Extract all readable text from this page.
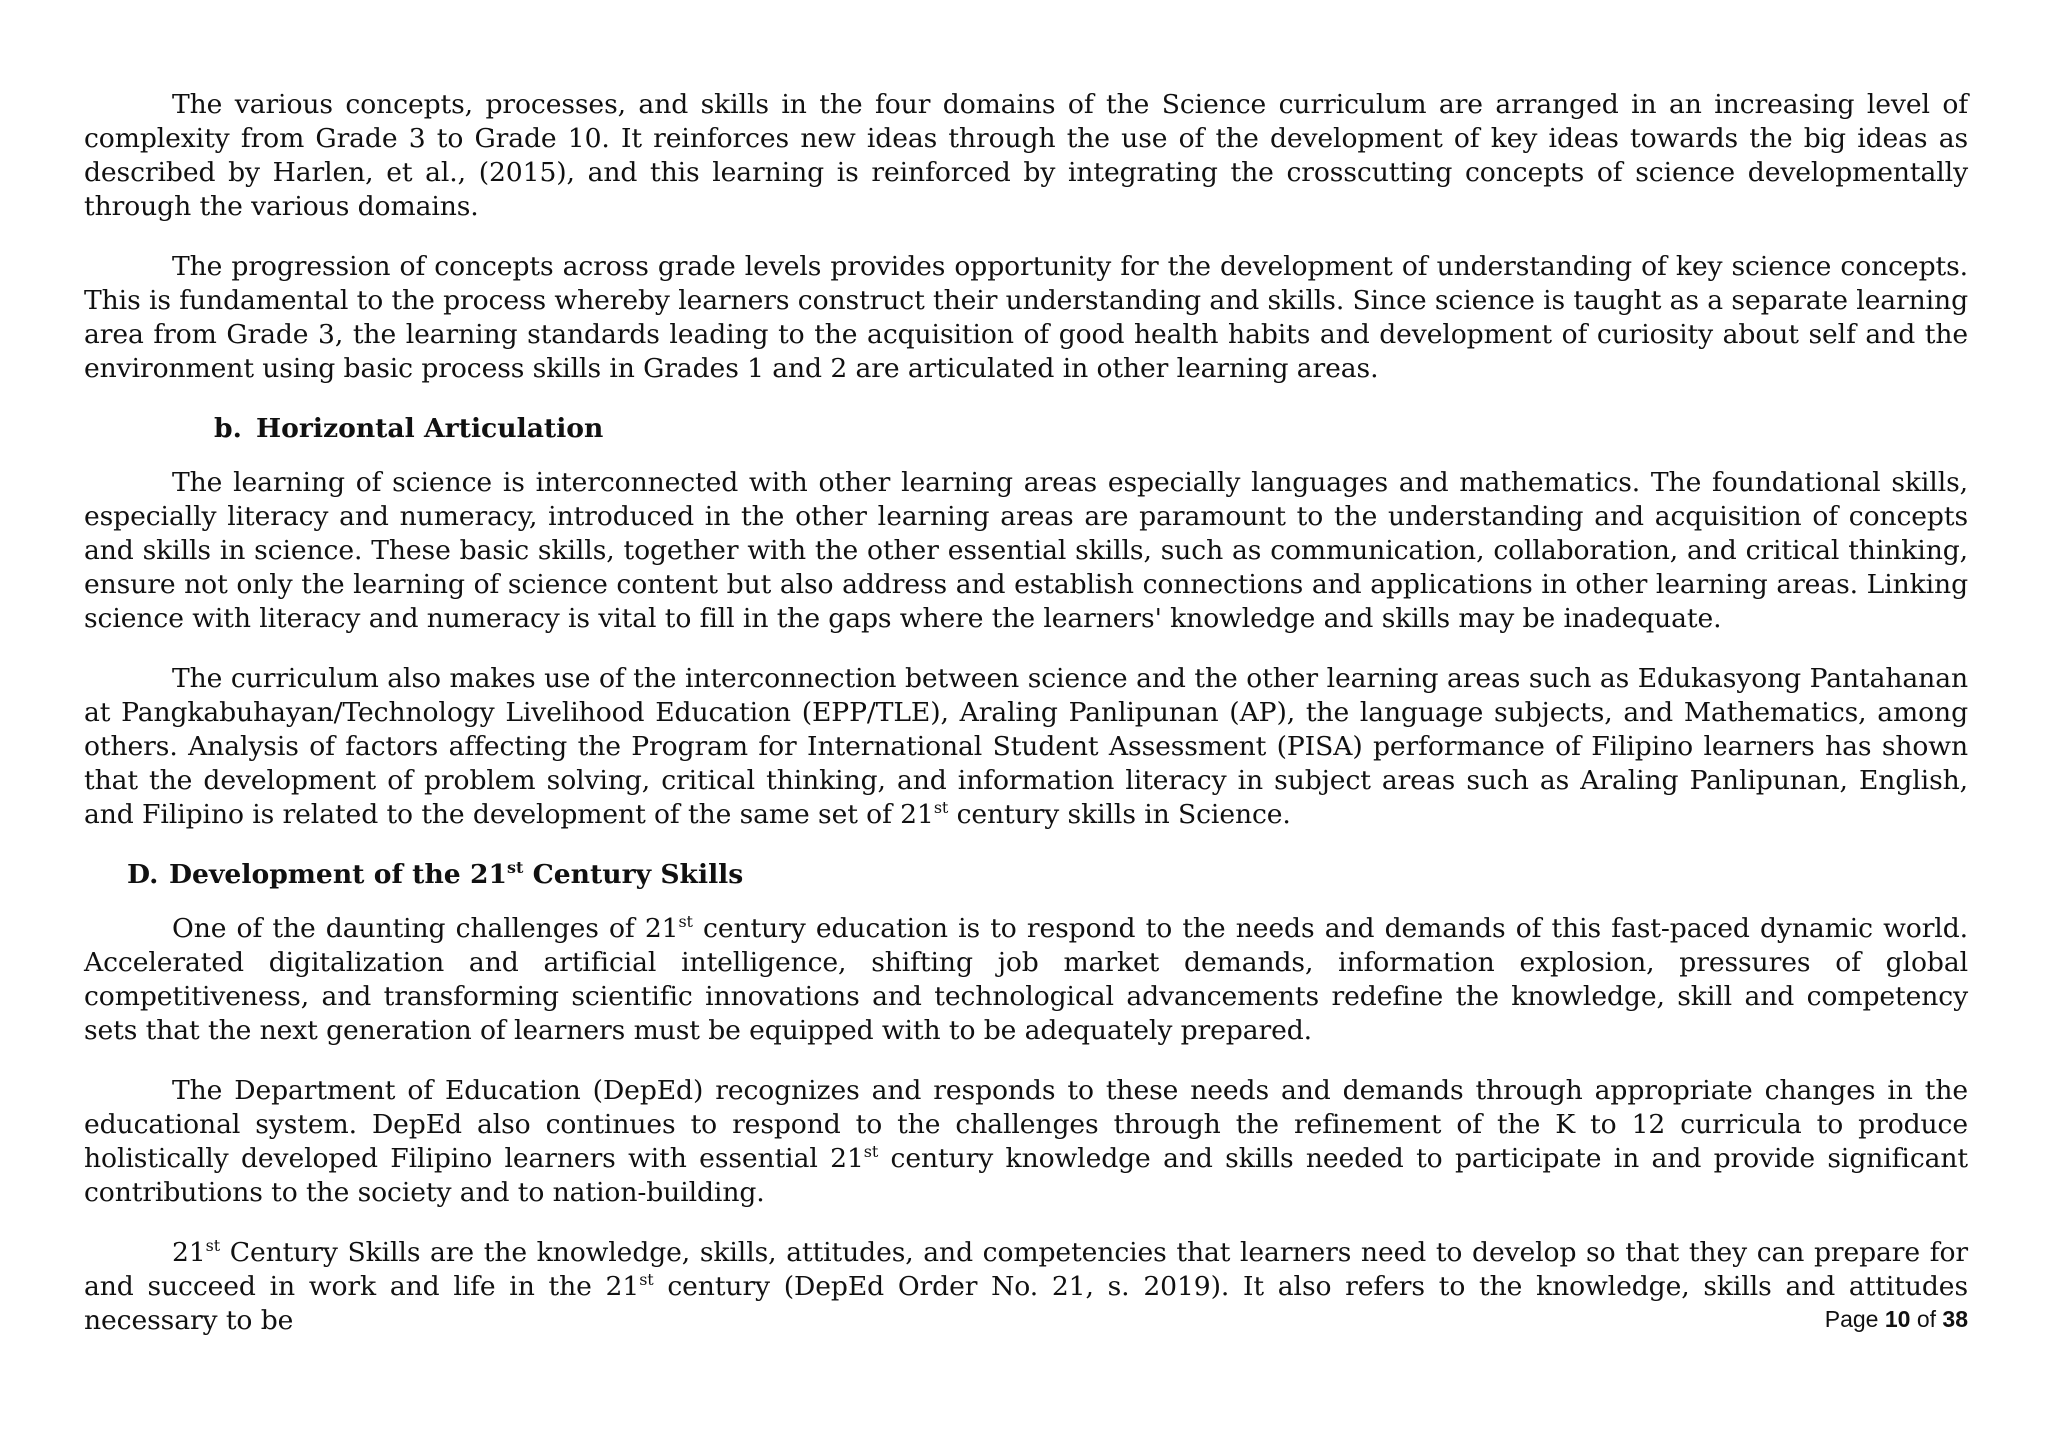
The various concepts, processes, and skills in the four domains of the Science curriculum are arranged in an increasing level of complexity from Grade 3 to Grade 10. It reinforces new ideas through the use of the development of key ideas towards the big ideas as described by Harlen, et al., (2015), and this learning is reinforced by integrating the crosscutting concepts of science developmentally through the various domains.

The progression of concepts across grade levels provides opportunity for the development of understanding of key science concepts. This is fundamental to the process whereby learners construct their understanding and skills. Since science is taught as a separate learning area from Grade 3, the learning standards leading to the acquisition of good health habits and development of curiosity about self and the environment using basic process skills in Grades 1 and 2 are articulated in other learning areas.

b. Horizontal Articulation

The learning of science is interconnected with other learning areas especially languages and mathematics. The foundational skills, especially literacy and numeracy, introduced in the other learning areas are paramount to the understanding and acquisition of concepts and skills in science. These basic skills, together with the other essential skills, such as communication, collaboration, and critical thinking, ensure not only the learning of science content but also address and establish connections and applications in other learning areas. Linking science with literacy and numeracy is vital to fill in the gaps where the learners' knowledge and skills may be inadequate.

The curriculum also makes use of the interconnection between science and the other learning areas such as Edukasyong Pantahanan at Pangkabuhayan/Technology Livelihood Education (EPP/TLE), Araling Panlipunan (AP), the language subjects, and Mathematics, among others. Analysis of factors affecting the Program for International Student Assessment (PISA) performance of Filipino learners has shown that the development of problem solving, critical thinking, and information literacy in subject areas such as Araling Panlipunan, English, and Filipino is related to the development of the same set of 21st century skills in Science.

D. Development of the 21st Century Skills

One of the daunting challenges of 21st century education is to respond to the needs and demands of this fast-paced dynamic world. Accelerated digitalization and artificial intelligence, shifting job market demands, information explosion, pressures of global competitiveness, and transforming scientific innovations and technological advancements redefine the knowledge, skill and competency sets that the next generation of learners must be equipped with to be adequately prepared.

The Department of Education (DepEd) recognizes and responds to these needs and demands through appropriate changes in the educational system. DepEd also continues to respond to the challenges through the refinement of the K to 12 curricula to produce holistically developed Filipino learners with essential 21st century knowledge and skills needed to participate in and provide significant contributions to the society and to nation-building.

21st Century Skills are the knowledge, skills, attitudes, and competencies that learners need to develop so that they can prepare for and succeed in work and life in the 21st century (DepEd Order No. 21, s. 2019). It also refers to the knowledge, skills and attitudes necessary to be	Page 10 of 38
